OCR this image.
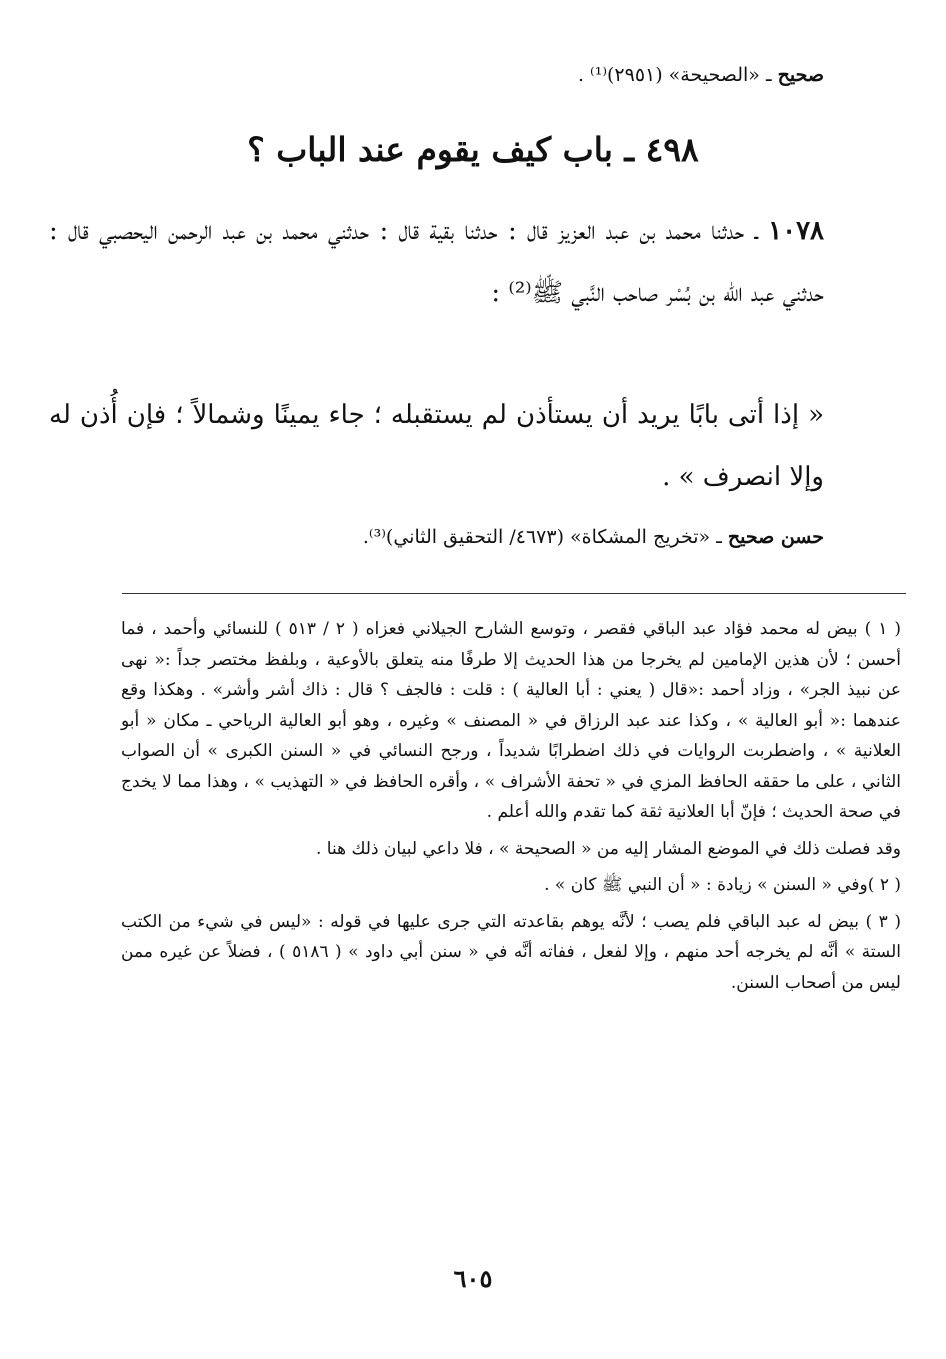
صحيح ـ «الصحيحة» (٢٩٥١)⁽¹⁾ .
٤٩٨ ـ باب كيف يقوم عند الباب ؟
١٠٧٨ ـ حدثنا محمد بن عبد العزيز قال : حدثنا بقية قال : حدثني محمد بن عبد الرحمن اليحصبي قال : حدثني عبد الله بن بُسْر صاحب النَّبي ﷺ⁽²⁾ :
« إذا أتى بابًا يريد أن يستأذن لم يستقبله ؛ جاء يمينًا وشمالاً ؛ فإن أُذن له وإلا انصرف » .
حسن صحيح ـ «تخريج المشكاة» (٤٦٧٣/ التحقيق الثاني)⁽³⁾.

( ١ ) بيض له محمد فؤاد عبد الباقي فقصر ، وتوسع الشارح الجيلاني فعزاه ( ٢ / ٥١٣ ) للنسائي وأحمد ، فما أحسن ؛ لأن هذين الإمامين لم يخرجا من هذا الحديث إلا طرفًا منه يتعلق بالأوعية ، وبلفظ مختصر جداً :« نهى عن نبيذ الجر» ، وزاد أحمد :«قال ( يعني : أبا العالية ) : قلت : فالجف ؟ قال : ذاك أشر وأشر» . وهكذا وقع عندهما :« أبو العالية » ، وكذا عند عبد الرزاق في « المصنف » وغيره ، وهو أبو العالية الرياحي ـ مكان « أبو العلانية » ، واضطربت الروايات في ذلك اضطرابًا شديداً ، ورجح النسائي في « السنن الكبرى » أن الصواب الثاني ، على ما حققه الحافظ المزي في « تحفة الأشراف » ، وأقره الحافظ في « التهذيب » ، وهذا مما لا يخدج في صحة الحديث ؛ فإنّ أبا العلانية ثقة كما تقدم والله أعلم .

وقد فصلت ذلك في الموضع المشار إليه من « الصحيحة » ، فلا داعي لبيان ذلك هنا .

( ٢ )وفي « السنن » زيادة : « أن النبي ﷺ كان » .

( ٣ ) بيض له عبد الباقي فلم يصب ؛ لأنَّه يوهم بقاعدته التي جرى عليها في قوله : «ليس في شيء من الكتب الستة » أنَّه لم يخرجه أحد منهم ، وإلا لفعل ، ففاته أنَّه في « سنن أبي داود » ( ٥١٨٦ ) ، فضلاً عن غيره ممن ليس من أصحاب السنن.

٦٠٥
